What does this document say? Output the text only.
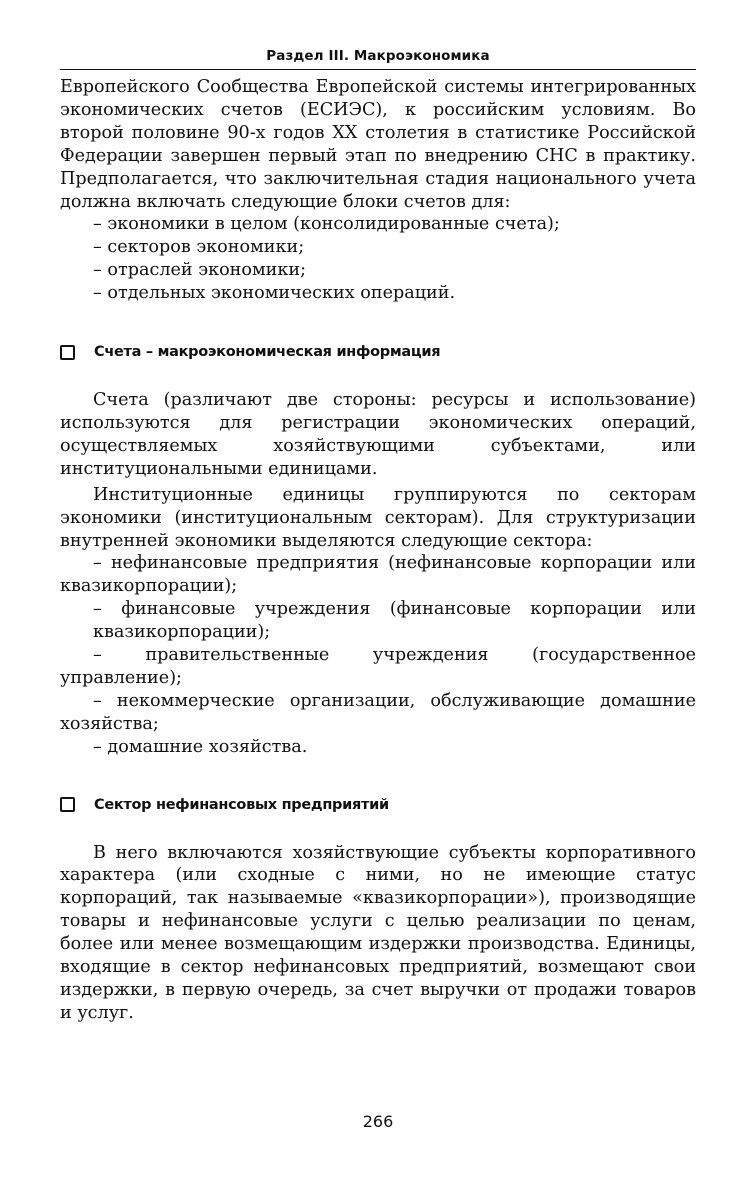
Раздел III. Макроэкономика

Европейского Сообщества Европейской системы интегрированных экономических счетов (ЕСИЭС), к российским условиям. Во второй половине 90-х годов XX столетия в статистике Российской Федерации завершен первый этап по внедрению СНС в практику. Предполагается, что заключительная стадия национального учета должна включать следующие блоки счетов для:

– экономики в целом (консолидированные счета);
– секторов экономики;
– отраслей экономики;
– отдельных экономических операций.
Счета – макроэкономическая информация

Счета (различают две стороны: ресурсы и использование) используются для регистрации экономических операций, осуществляемых хозяйствующими субъектами, или институциональными единицами.

Институционные единицы группируются по секторам экономики (институциональным секторам). Для структуризации внутренней экономики выделяются следующие сектора:

– нефинансовые предприятия (нефинансовые корпорации или квазикорпорации);
– финансовые учреждения (финансовые корпорации или квазикорпорации);
– правительственные учреждения (государственное управление);
– некоммерческие организации, обслуживающие домашние хозяйства;
– домашние хозяйства.
Сектор нефинансовых предприятий

В него включаются хозяйствующие субъекты корпоративного характера (или сходные с ними, но не имеющие статус корпораций, так называемые «квазикорпорации»), производящие товары и нефинансовые услуги с целью реализации по ценам, более или менее возмещающим издержки производства. Единицы, входящие в сектор нефинансовых предприятий, возмещают свои издержки, в первую очередь, за счет выручки от продажи товаров и услуг.

266
